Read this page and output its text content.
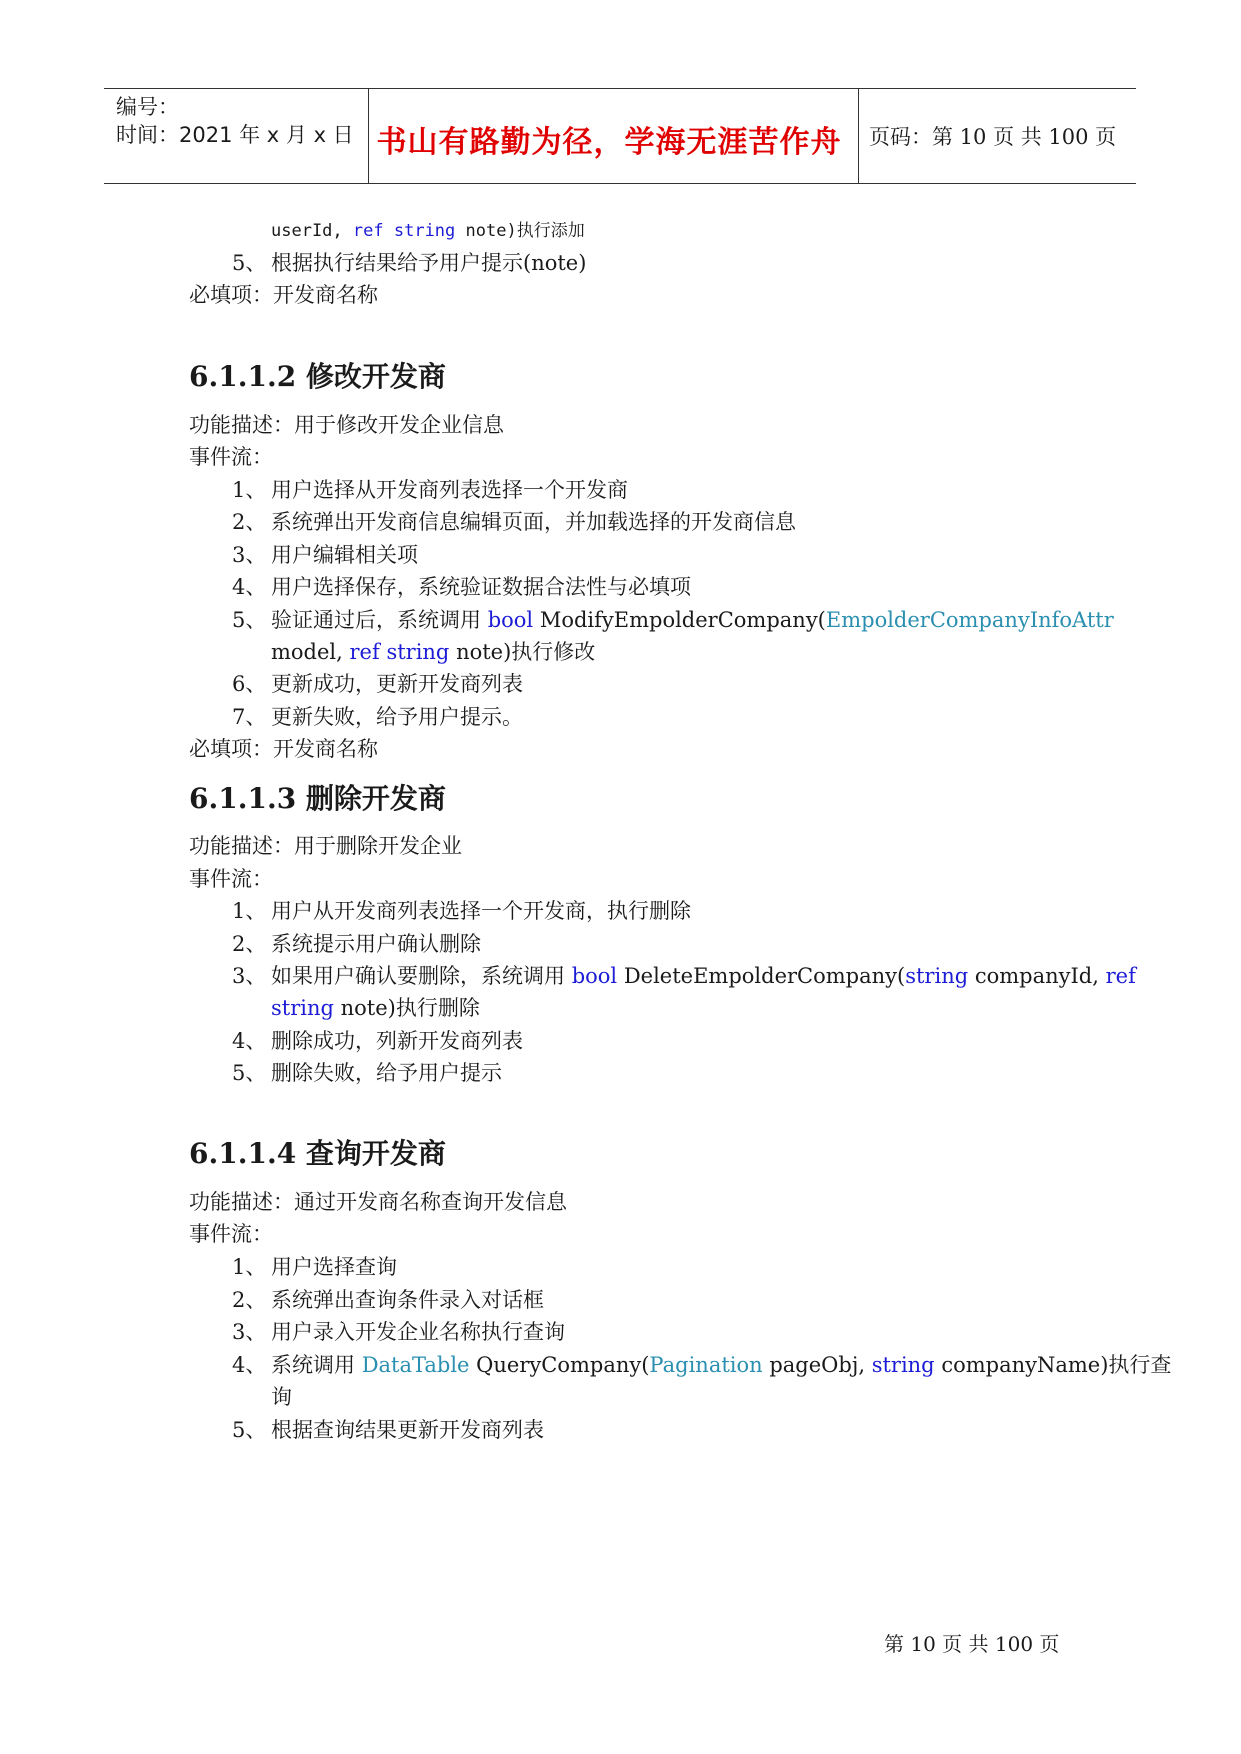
编号：
时间：2021 年 x 月 x 日 书山有路勤为径，学海无涯苦作舟	页码：第 10 页 共 100 页
userId, ref string note)执行添加
5、 根据执行结果给予用户提示(note)
必填项：开发商名称
6.1.1.2 修改开发商
功能描述：用于修改开发企业信息
事件流：
1、 用户选择从开发商列表选择一个开发商
2、 系统弹出开发商信息编辑页面，并加载选择的开发商信息
3、 用户编辑相关项
4、 用户选择保存，系统验证数据合法性与必填项
5、 验证通过后，系统调用 bool ModifyEmpolderCompany(EmpolderCompanyInfoAttr
model, ref string note)执行修改
6、 更新成功，更新开发商列表
7、 更新失败，给予用户提示。
必填项：开发商名称
6.1.1.3 删除开发商
功能描述：用于删除开发企业
事件流：
1、 用户从开发商列表选择一个开发商，执行删除
2、 系统提示用户确认删除
3、 如果用户确认要删除，系统调用 bool DeleteEmpolderCompany(string companyId, ref
string note)执行删除
4、 删除成功，列新开发商列表
5、 删除失败，给予用户提示
6.1.1.4 查询开发商
功能描述：通过开发商名称查询开发信息
事件流：
1、 用户选择查询
2、 系统弹出查询条件录入对话框
3、 用户录入开发企业名称执行查询
4、 系统调用 DataTable QueryCompany(Pagination pageObj, string companyName)执行查
询
5、 根据查询结果更新开发商列表
第 10 页 共 100 页
